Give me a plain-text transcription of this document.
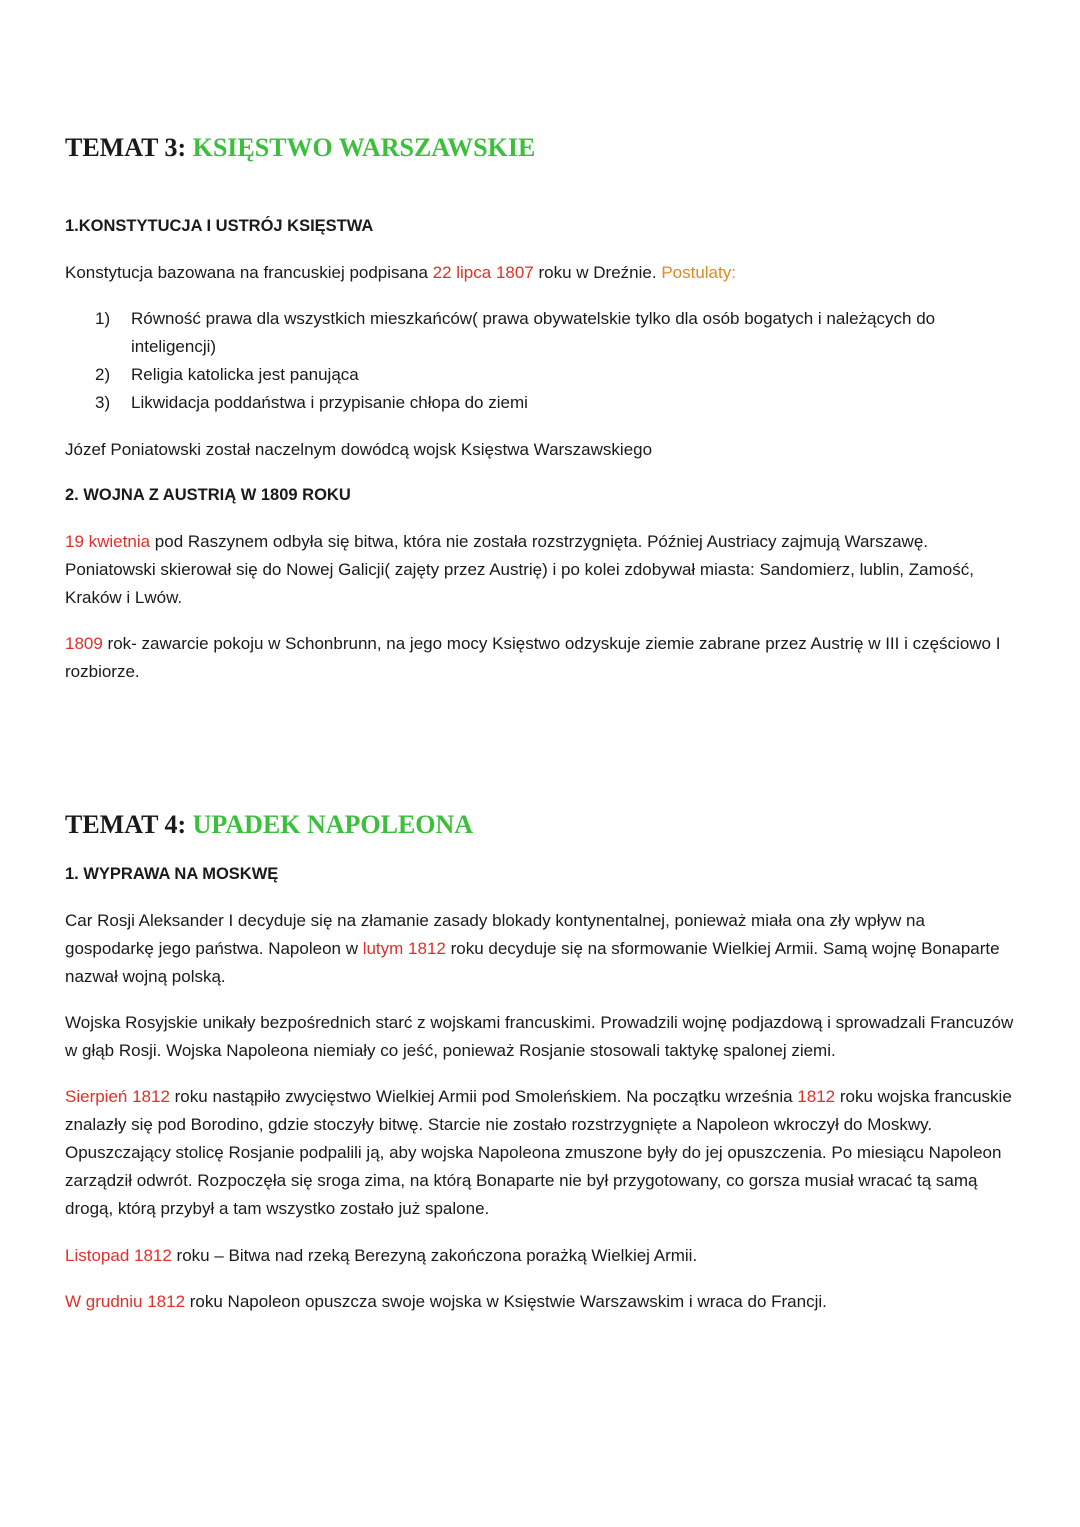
TEMAT 3: KSIĘSTWO WARSZAWSKIE
1.KONSTYTUCJA I USTRÓJ KSIĘSTWA

Konstytucja bazowana na francuskiej podpisana 22 lipca 1807 roku w Dreźnie. Postulaty:

1) Równość prawa dla wszystkich mieszkańców( prawa obywatelskie tylko dla osób bogatych i należących do inteligencji)
2) Religia katolicka jest panująca
3) Likwidacja poddaństwa i przypisanie chłopa do ziemi

Józef Poniatowski został naczelnym dowódcą wojsk Księstwa Warszawskiego

2. WOJNA Z AUSTRIĄ W 1809 ROKU

19 kwietnia pod Raszynem odbyła się bitwa, która nie została rozstrzygnięta. Później Austriacy zajmują Warszawę. Poniatowski skierował się do Nowej Galicji( zajęty przez Austrię) i po kolei zdobywał miasta: Sandomierz, lublin, Zamość, Kraków i Lwów.

1809 rok- zawarcie pokoju w Schonbrunn, na jego mocy Księstwo odzyskuje ziemie zabrane przez Austrię w III i częściowo I rozbiorze.

TEMAT 4: UPADEK NAPOLEONA
1. WYPRAWA NA MOSKWĘ

Car Rosji Aleksander I decyduje się na złamanie zasady blokady kontynentalnej, ponieważ miała ona zły wpływ na gospodarkę jego państwa. Napoleon w lutym 1812 roku decyduje się na sformowanie Wielkiej Armii. Samą wojnę Bonaparte nazwał wojną polską.

Wojska Rosyjskie unikały bezpośrednich starć z wojskami francuskimi. Prowadzili wojnę podjazdową i sprowadzali Francuzów w głąb Rosji. Wojska Napoleona niemiały co jeść, ponieważ Rosjanie stosowali taktykę spalonej ziemi.

Sierpień 1812 roku nastąpiło zwycięstwo Wielkiej Armii pod Smoleńskiem. Na początku września 1812 roku wojska francuskie znalazły się pod Borodino, gdzie stoczyły bitwę. Starcie nie zostało rozstrzygnięte a Napoleon wkroczył do Moskwy. Opuszczający stolicę Rosjanie podpalili ją, aby wojska Napoleona zmuszone były do jej opuszczenia. Po miesiącu Napoleon zarządził odwrót. Rozpoczęła się sroga zima, na którą Bonaparte nie był przygotowany, co gorsza musiał wracać tą samą drogą, którą przybył a tam wszystko zostało już spalone.

Listopad 1812 roku – Bitwa nad rzeką Berezyną zakończona porażką Wielkiej Armii.

W grudniu 1812 roku Napoleon opuszcza swoje wojska w Księstwie Warszawskim i wraca do Francji.
